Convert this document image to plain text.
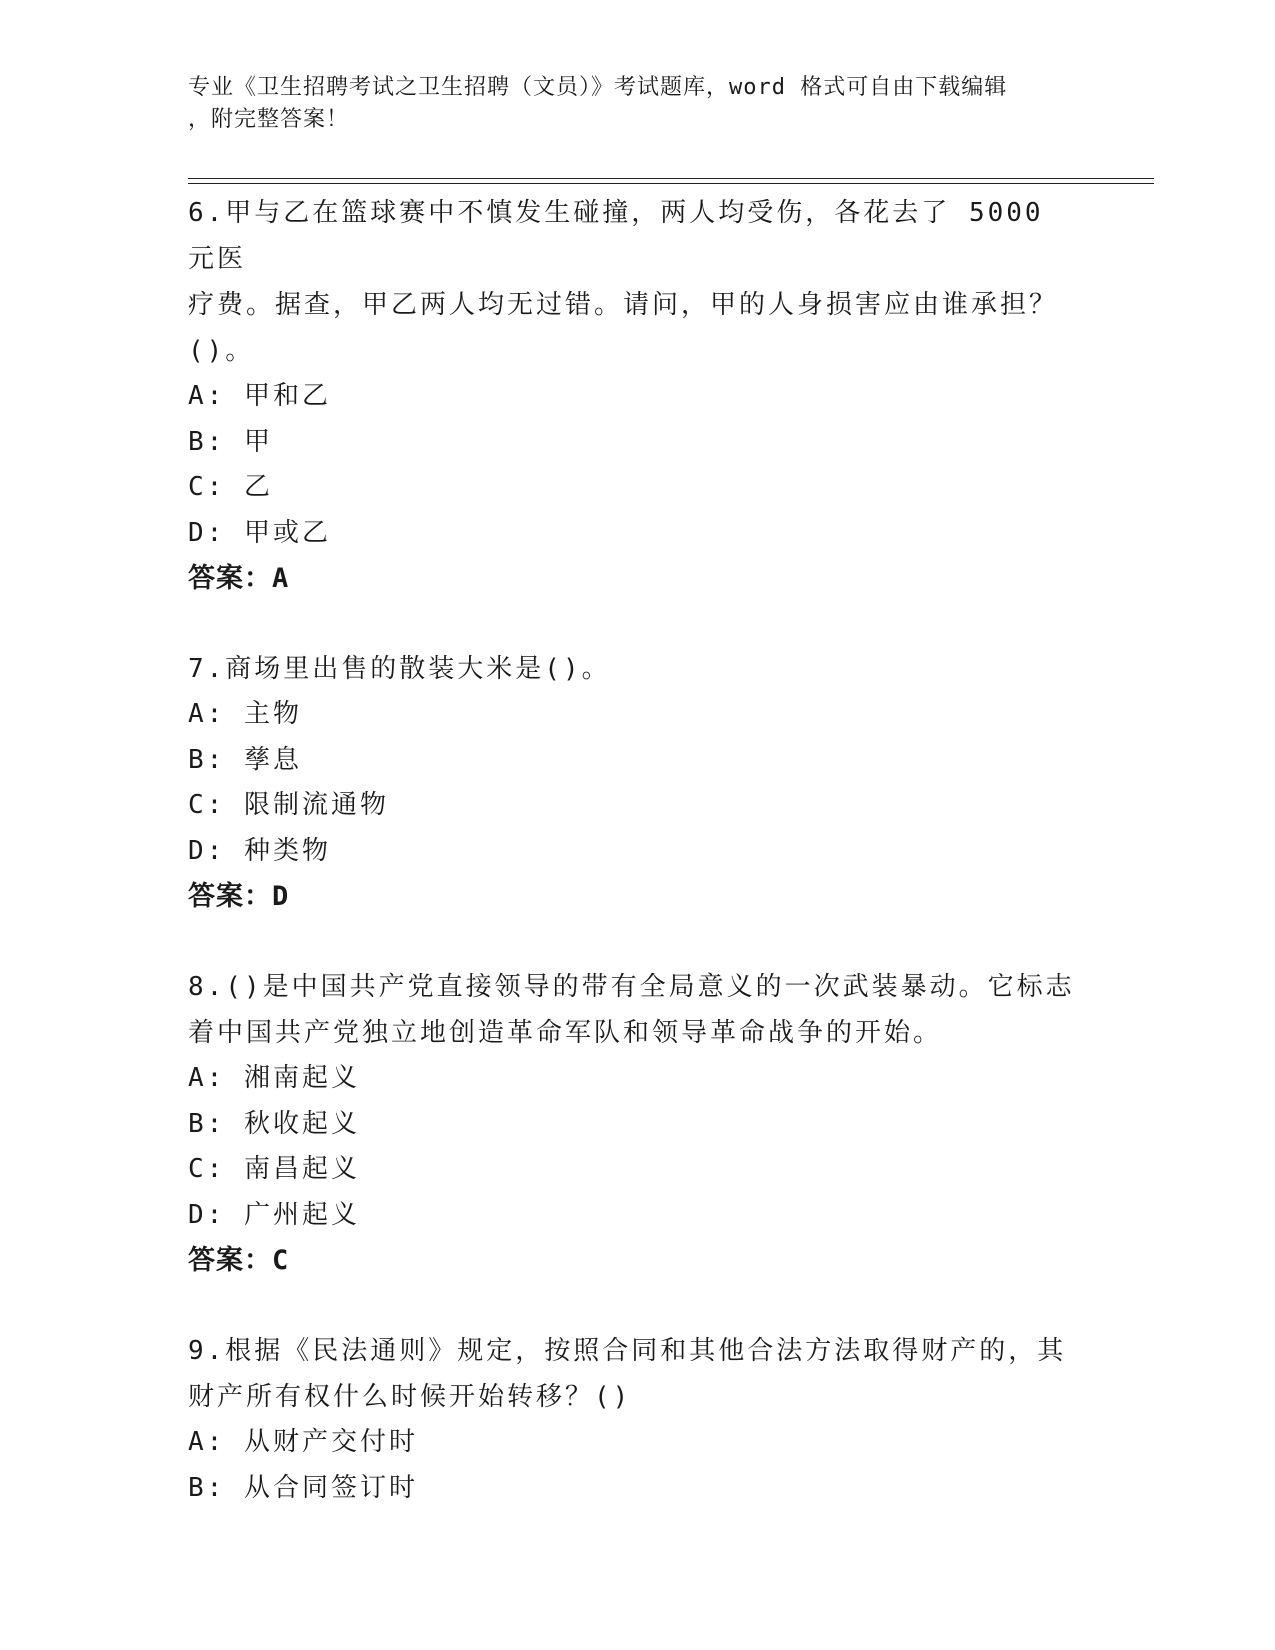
专业《卫生招聘考试之卫生招聘（文员）》考试题库，word 格式可自由下载编辑
，附完整答案！

6.甲与乙在篮球赛中不慎发生碰撞，两人均受伤，各花去了 5000 元医

疗费。据查，甲乙两人均无过错。请问，甲的人身损害应由谁承担？

()。

A: 甲和乙

B: 甲

C: 乙

D: 甲或乙

答案：A

7.商场里出售的散装大米是()。

A: 主物

B: 孳息

C: 限制流通物

D: 种类物

答案：D

8.()是中国共产党直接领导的带有全局意义的一次武装暴动。它标志

着中国共产党独立地创造革命军队和领导革命战争的开始。

A: 湘南起义

B: 秋收起义

C: 南昌起义

D: 广州起义

答案：C

9.根据《民法通则》规定，按照合同和其他合法方法取得财产的，其

财产所有权什么时候开始转移？()

A: 从财产交付时

B: 从合同签订时
